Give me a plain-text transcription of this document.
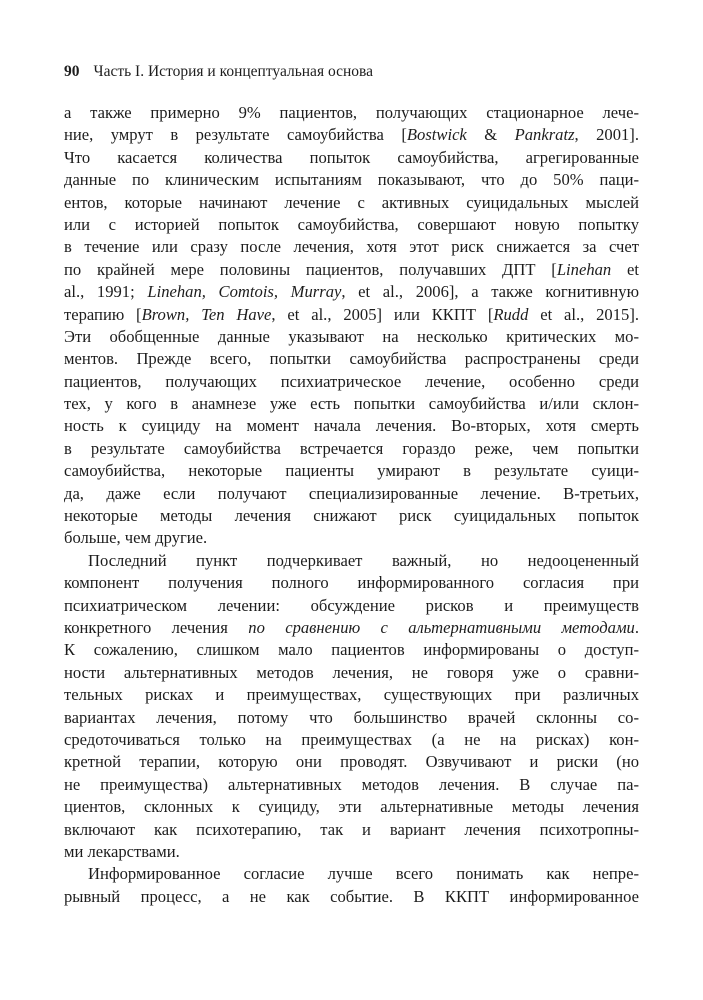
90 Часть I. История и концептуальная основа
а также примерно 9% пациентов, получающих стационарное лече-
ние, умрут в результате самоубийства [Bostwick & Pankratz, 2001].
Что касается количества попыток самоубийства, агрегированные
данные по клиническим испытаниям показывают, что до 50% паци-
ентов, которые начинают лечение с активных суицидальных мыслей
или с историей попыток самоубийства, совершают новую попытку
в течение или сразу после лечения, хотя этот риск снижается за счет
по крайней мере половины пациентов, получавших ДПТ [Linehan et
al., 1991; Linehan, Comtois, Murray, et al., 2006], а также когнитивную
терапию [Brown, Ten Have, et al., 2005] или ККПТ [Rudd et al., 2015].
Эти обобщенные данные указывают на несколько критических мо-
ментов. Прежде всего, попытки самоубийства распространены среди
пациентов, получающих психиатрическое лечение, особенно среди
тех, у кого в анамнезе уже есть попытки самоубийства и/или склон-
ность к суициду на момент начала лечения. Во-вторых, хотя смерть
в результате самоубийства встречается гораздо реже, чем попытки
самоубийства, некоторые пациенты умирают в результате суици-
да, даже если получают специализированные лечение. В-третьих,
некоторые методы лечения снижают риск суицидальных попыток
больше, чем другие.
Последний пункт подчеркивает важный, но недооцененный
компонент получения полного информированного согласия при
психиатрическом лечении: обсуждение рисков и преимуществ
конкретного лечения по сравнению с альтернативными методами.
К сожалению, слишком мало пациентов информированы о доступ-
ности альтернативных методов лечения, не говоря уже о сравни-
тельных рисках и преимуществах, существующих при различных
вариантах лечения, потому что большинство врачей склонны со-
средоточиваться только на преимуществах (а не на рисках) кон-
кретной терапии, которую они проводят. Озвучивают и риски (но
не преимущества) альтернативных методов лечения. В случае па-
циентов, склонных к суициду, эти альтернативные методы лечения
включают как психотерапию, так и вариант лечения психотропны-
ми лекарствами.
Информированное согласие лучше всего понимать как непре-
рывный процесс, а не как событие. В ККПТ информированное
